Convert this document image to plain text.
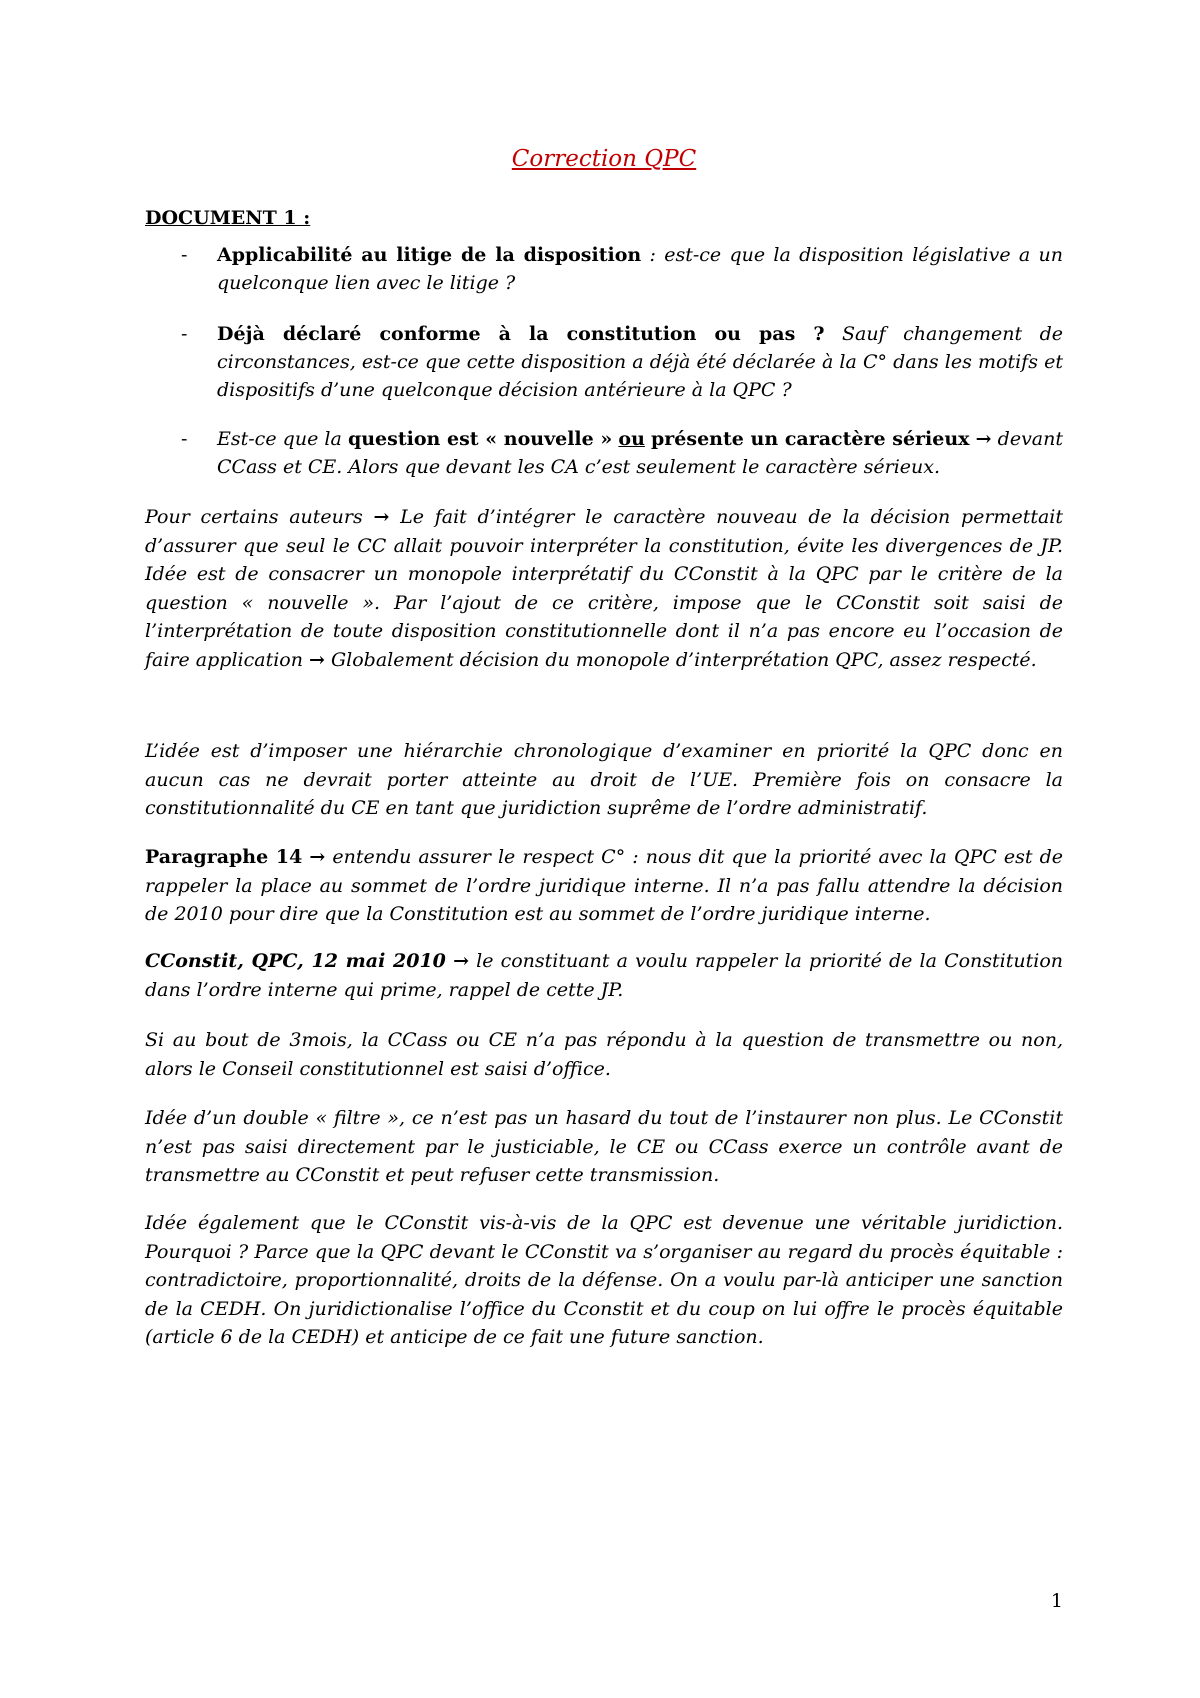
Correction QPC
DOCUMENT 1 :
- Applicabilité au litige de la disposition : est-ce que la disposition législative a un quelconque lien avec le litige ?
- Déjà déclaré conforme à la constitution ou pas ? Sauf changement de circonstances, est-ce que cette disposition a déjà été déclarée à la C° dans les motifs et dispositifs d’une quelconque décision antérieure à la QPC ?
- Est-ce que la question est « nouvelle » ou présente un caractère sérieux → devant CCass et CE. Alors que devant les CA c’est seulement le caractère sérieux.
Pour certains auteurs → Le fait d’intégrer le caractère nouveau de la décision permettait d’assurer que seul le CC allait pouvoir interpréter la constitution, évite les divergences de JP. Idée est de consacrer un monopole interprétatif du CConstit à la QPC par le critère de la question « nouvelle ». Par l’ajout de ce critère, impose que le CConstit soit saisi de l’interprétation de toute disposition constitutionnelle dont il n’a pas encore eu l’occasion de faire application → Globalement décision du monopole d’interprétation QPC, assez respecté.
L’idée est d’imposer une hiérarchie chronologique d’examiner en priorité la QPC donc en aucun cas ne devrait porter atteinte au droit de l’UE. Première fois on consacre la constitutionnalité du CE en tant que juridiction suprême de l’ordre administratif.
Paragraphe 14 → entendu assurer le respect C° : nous dit que la priorité avec la QPC est de rappeler la place au sommet de l’ordre juridique interne. Il n’a pas fallu attendre la décision de 2010 pour dire que la Constitution est au sommet de l’ordre juridique interne.
CConstit, QPC, 12 mai 2010 → le constituant a voulu rappeler la priorité de la Constitution dans l’ordre interne qui prime, rappel de cette JP.
Si au bout de 3mois, la CCass ou CE n’a pas répondu à la question de transmettre ou non, alors le Conseil constitutionnel est saisi d’office.
Idée d’un double « filtre », ce n’est pas un hasard du tout de l’instaurer non plus. Le CConstit n’est pas saisi directement par le justiciable, le CE ou CCass exerce un contrôle avant de transmettre au CConstit et peut refuser cette transmission.
Idée également que le CConstit vis-à-vis de la QPC est devenue une véritable juridiction. Pourquoi ? Parce que la QPC devant le CConstit va s’organiser au regard du procès équitable : contradictoire, proportionnalité, droits de la défense. On a voulu par-là anticiper une sanction de la CEDH. On juridictionalise l’office du Cconstit et du coup on lui offre le procès équitable (article 6 de la CEDH) et anticipe de ce fait une future sanction.
1
